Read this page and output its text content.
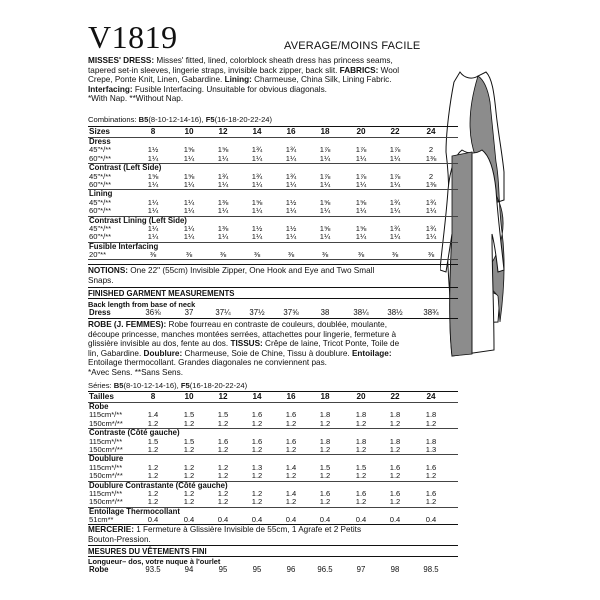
V1819	AVERAGE/MOINS FACILE
MISSES' DRESS: Misses' fitted, lined, colorblock sheath dress has princess seams,
tapered set-in sleeves, lingerie straps, invisible back zipper, back slit. FABRICS: Wool
Crepe, Ponte Knit, Linen, Gabardine. Lining: Charmeuse, China Silk, Lining Fabric.
Interfacing: Fusible Interfacing. Unsuitable for obvious diagonals.
*With Nap. **Without Nap.
Combinations: B5(8-10-12-14-16), F5(16-18-20-22-24)
Sizes	8	10	12	14	16	18	20	22	24
Dress
45"*/**	1½	1⅝	1⅝	1¾	1¾	1⅞	1⅞	1⅞	2
60"*/**	1¼	1¼	1¼	1¼	1¼	1¼	1¼	1¼	1⅜
Contrast (Left Side)
45"*/**	1⅝	1⅝	1¾	1¾	1¾	1⅞	1⅞	1⅞	2
60"*/**	1¼	1¼	1¼	1¼	1¼	1¼	1¼	1¼	1⅜
Lining
45"*/**	1¼	1¼	1⅜	1⅝	1½	1⅝	1⅝	1¾	1¾
60"*/**	1¼	1¼	1¼	1¼	1¼	1¼	1¼	1¼	1¼
Contrast Lining (Left Side)
45"*/**	1¼	1¼	1⅜	1½	1½	1⅝	1⅝	1¾	1¾
60"*/**	1¼	1¼	1¼	1¼	1¼	1¼	1¼	1¼	1¼
Fusible Interfacing
20"**	⅜	⅜	⅜	⅜	⅜	⅜	⅜	⅜	⅜
NOTIONS: One 22" (55cm) Invisible Zipper, One Hook and Eye and Two Small
Snaps.
FINISHED GARMENT MEASUREMENTS
Back length from base of neck
Dress	36⅝	37	37¼	37½	37⅝	38	38¼	38½	38¾
ROBE (J. FEMMES): Robe fourreau en contraste de couleurs, doublée, moulante,
découpe princesse, manches montées serrées, attachettes pour lingerie, fermeture à
glissière invisible au dos, fente au dos. TISSUS: Crêpe de laine, Tricot Ponte, Toile de
lin, Gabardine. Doublure: Charmeuse, Soie de Chine, Tissu à doublure. Entoilage:
Entoilage thermocollant. Grandes diagonales ne conviennent pas.
*Avec Sens. **Sans Sens.
Séries: B5(8-10-12-14-16), F5(16-18-20-22-24)
Tailles	8	10	12	14	16	18	20	22	24
Robe
115cm*/**	1.4	1.5	1.5	1.6	1.6	1.8	1.8	1.8	1.8
150cm*/**	1.2	1.2	1.2	1.2	1.2	1.2	1.2	1.2	1.2
Contraste (Côté gauche)
115cm*/**	1.5	1.5	1.6	1.6	1.6	1.8	1.8	1.8	1.8
150cm*/**	1.2	1.2	1.2	1.2	1.2	1.2	1.2	1.2	1.3
Doublure
115cm*/**	1.2	1.2	1.2	1.3	1.4	1.5	1.5	1.6	1.6
150cm*/**	1.2	1.2	1.2	1.2	1.2	1.2	1.2	1.2	1.2
Doublure Contrastante (Côté gauche)
115cm*/**	1.2	1.2	1.2	1.2	1.4	1.6	1.6	1.6	1.6
150cm*/**	1.2	1.2	1.2	1.2	1.2	1.2	1.2	1.2	1.2
Entoilage Thermocollant
51cm**	0.4	0.4	0.4	0.4	0.4	0.4	0.4	0.4	0.4
MERCERIE: 1 Fermeture à Glissière Invisible de 55cm, 1 Agrafe et 2 Petits
Bouton-Pression.
MESURES DU VÊTEMENTS FINI
Longueur– dos, votre nuque à l'ourlet
Robe	93.5	94	95	95	96	96.5	97	98	98.5
